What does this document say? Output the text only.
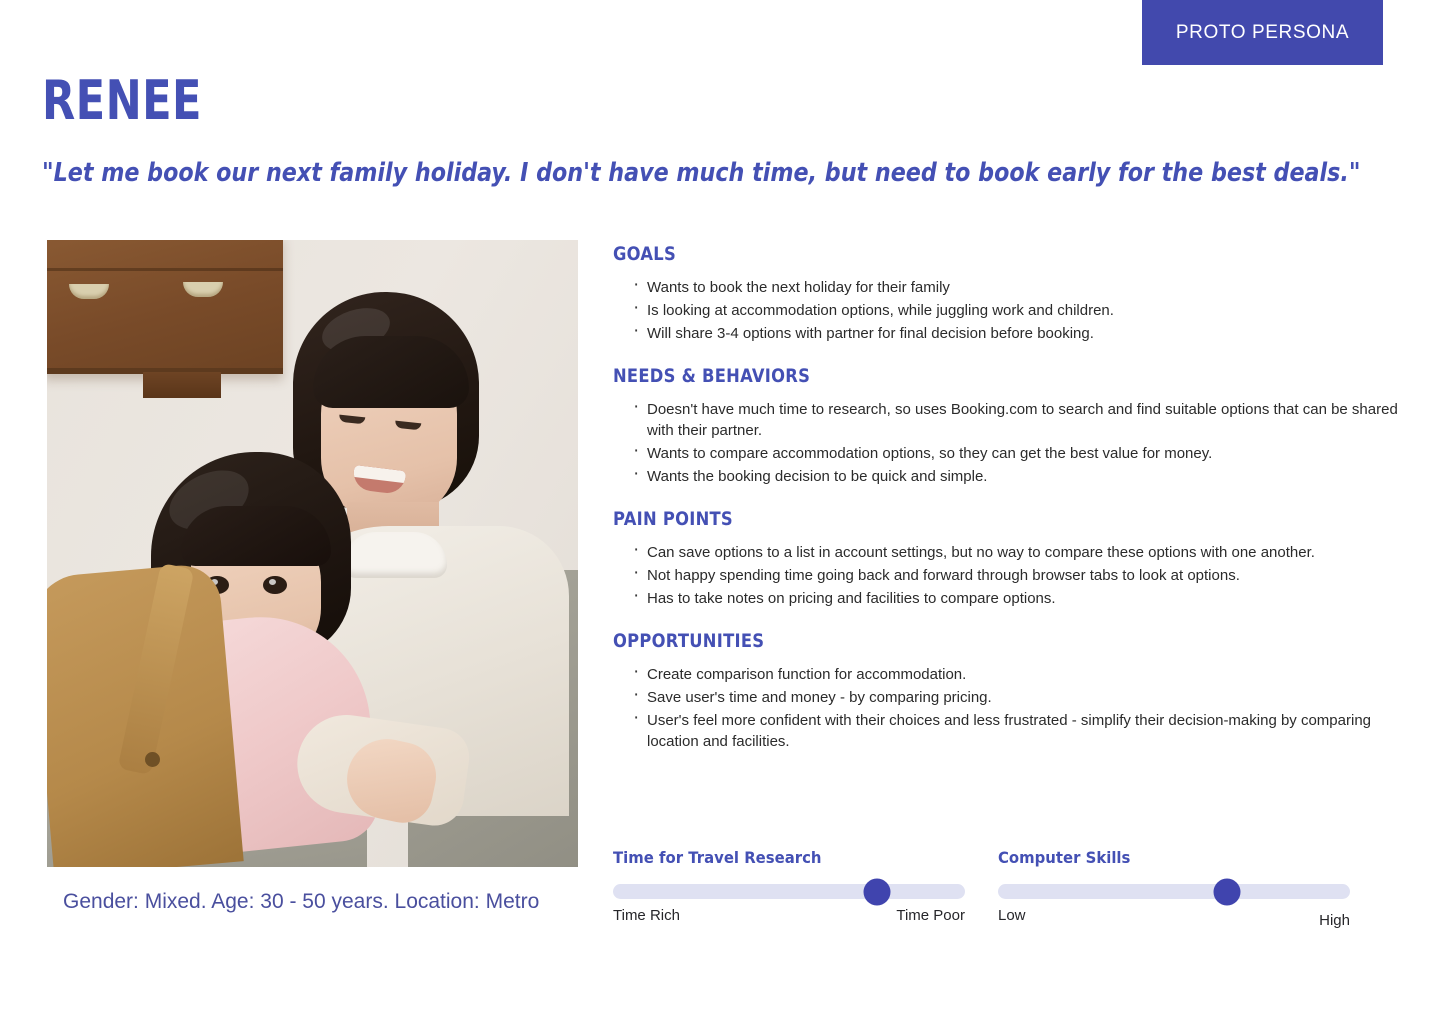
PROTO PERSONA
RENEE
"Let me book our next family holiday. I don't have much time, but need to book early for the best deals."
Gender: Mixed. Age: 30 - 50 years. Location: Metro
GOALS
· Wants to book the next holiday for their family
· Is looking at accommodation options, while juggling work and children.
· Will share 3-4 options with partner for final decision before booking.
NEEDS & BEHAVIORS
· Doesn't have much time to research, so uses Booking.com to search and find suitable options that can be shared with their partner.
· Wants to compare accommodation options, so they can get the best value for money.
· Wants the booking decision to be quick and simple.
PAIN POINTS
· Can save options to a list in account settings, but no way to compare these options with one another.
· Not happy spending time going back and forward through browser tabs to look at options.
· Has to take notes on pricing and facilities to compare options.
OPPORTUNITIES
· Create comparison function for accommodation.
· Save user's time and money - by comparing pricing.
· User's feel more confident with their choices and less frustrated - simplify their decision-making by comparing location and facilities.
Time for Travel Research
Time Rich	Time Poor
Computer Skills
Low	High
